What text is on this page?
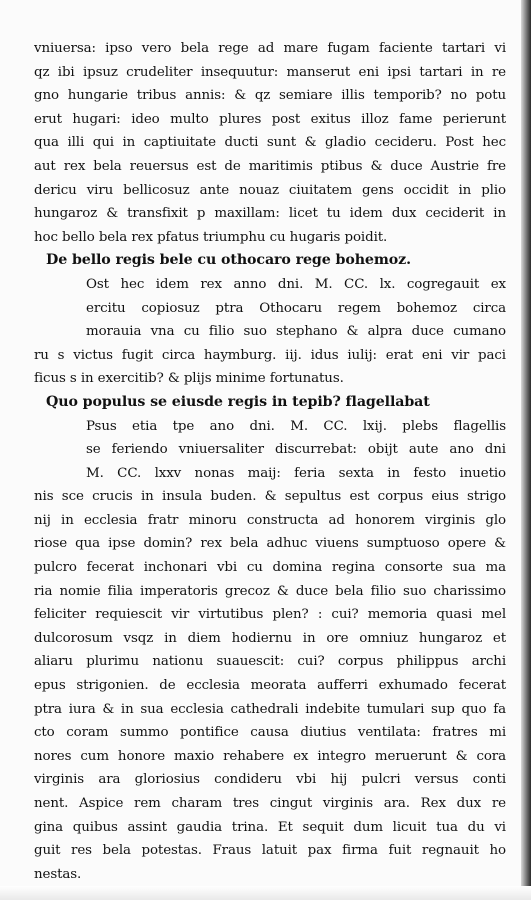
vniuersa: ipso vero bela rege ad mare fugam faciente tartari vi
qz ibi ipsuz crudeliter insequutur: manserut eni ipsi tartari in re
gno hungarie tribus annis: & qz semiare illis temporib? no potu
erut hugari: ideo multo plures post exitus illoz fame perierunt
qua illi qui in captiuitate ducti sunt & gladio cecideru. Post hec
aut rex bela reuersus est de maritimis ptibus & duce Austrie fre
dericu viru bellicosuz ante nouaz ciuitatem gens occidit in plio
hungaroz & transfixit p maxillam: licet tu idem dux ceciderit in
hoc bello bela rex pfatus triumphu cu hugaris poidit.
De bello regis bele cu othocaro rege bohemoz.
Ost hec idem rex anno dni. M. CC. lx. cogregauit ex
ercitu copiosuz ptra Othocaru regem bohemoz circa
morauia vna cu filio suo stephano & alpra duce cumano
ru s victus fugit circa haymburg. iij. idus iulij: erat eni vir paci
ficus s in exercitib? & plijs minime fortunatus.
Quo populus se eiusde regis in tepib? flagellabat
Psus etia tpe ano dni. M. CC. lxij. plebs flagellis
se feriendo vniuersaliter discurrebat: obijt aute ano dni
M. CC. lxxv nonas maij: feria sexta in festo inuetio
nis sce crucis in insula buden. & sepultus est corpus eius strigo
nij in ecclesia fratr minoru constructa ad honorem virginis glo
riose qua ipse domin? rex bela adhuc viuens sumptuoso opere &
pulcro fecerat inchonari vbi cu domina regina consorte sua ma
ria nomie filia imperatoris grecoz & duce bela filio suo charissimo
feliciter requiescit vir virtutibus plen? : cui? memoria quasi mel
dulcorosum vsqz in diem hodiernu in ore omniuz hungaroz et
aliaru plurimu nationu suauescit: cui? corpus philippus archi
epus strigonien. de ecclesia meorata aufferri exhumado fecerat
ptra iura & in sua ecclesia cathedrali indebite tumulari sup quo fa
cto coram summo pontifice causa diutius ventilata: fratres mi
nores cum honore maxio rehabere ex integro meruerunt & cora
virginis ara gloriosius condideru vbi hij pulcri versus conti
nent. Aspice rem charam tres cingut virginis ara. Rex dux re
gina quibus assint gaudia trina. Et sequit dum licuit tua du vi
guit res bela potestas. Fraus latuit pax firma fuit regnauit ho
nestas.
